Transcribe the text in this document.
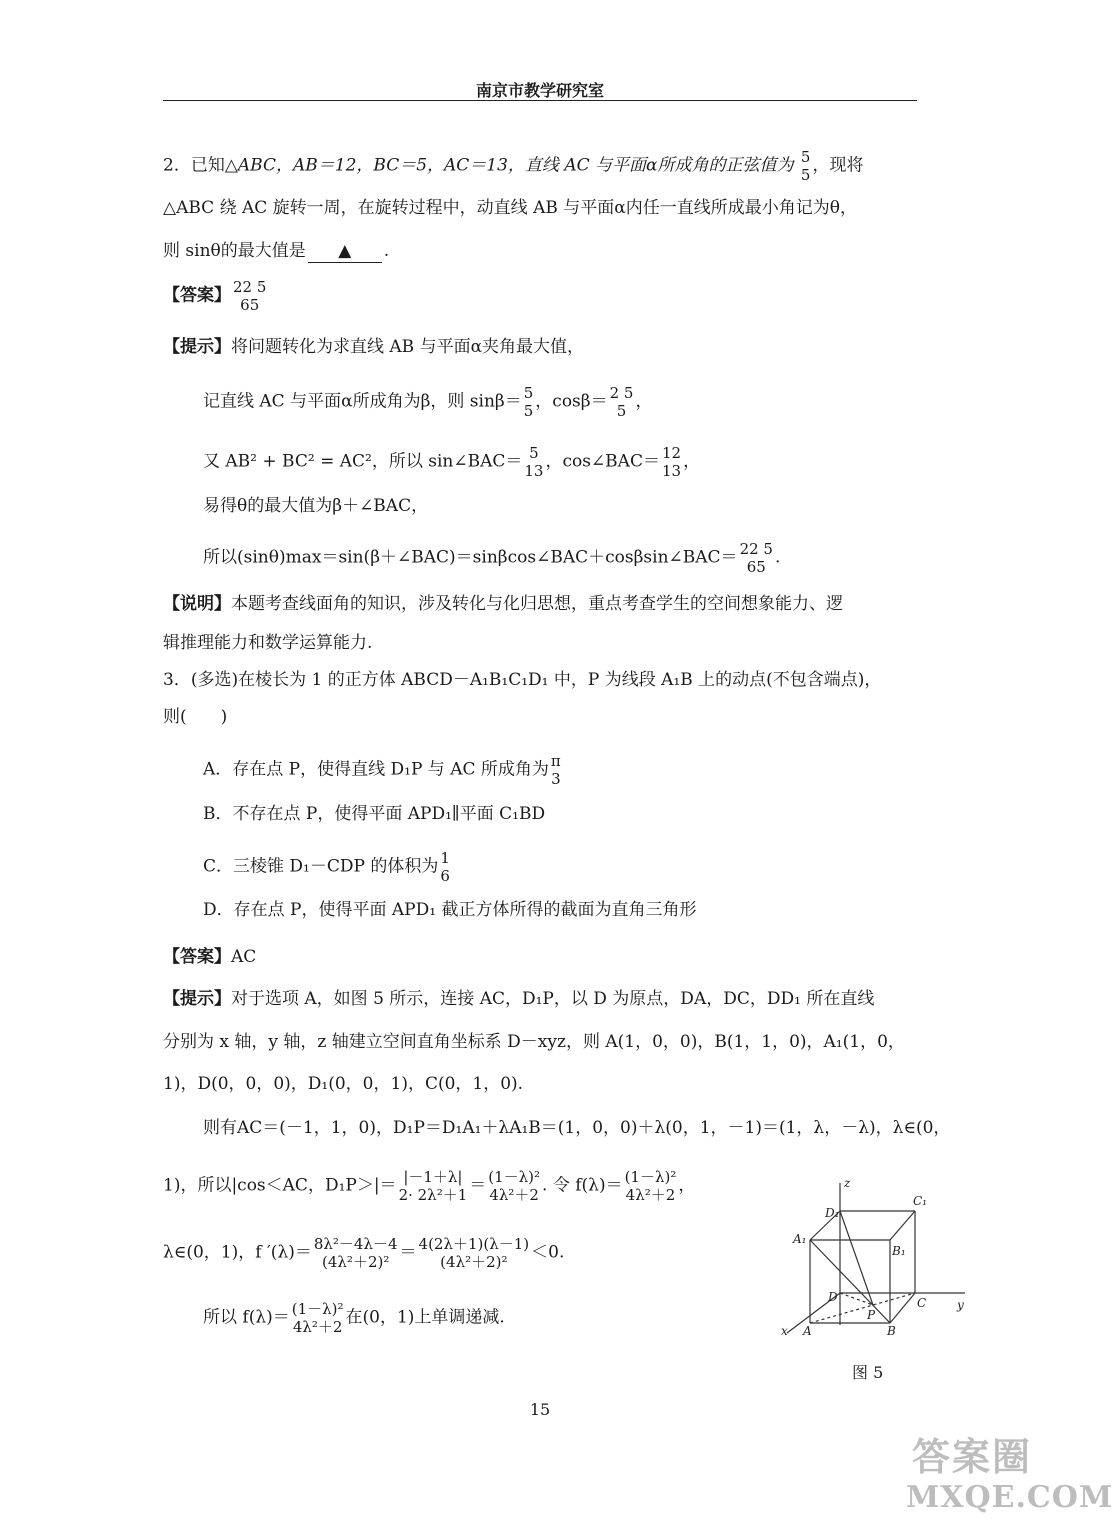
南京市教学研究室
2．已知△ABC，AB＝12，BC＝5，AC＝13，直线 AC 与平面α所成角的正弦值为 5
5 ，现将
△ABC 绕 AC 旋转一周，在旋转过程中，动直线 AB 与平面α内任一直线所成最小角记为θ，
则 sinθ的最大值是 ▲ .
【答案】 22 5
65
【提示】将问题转化为求直线 AB 与平面α夹角最大值，
记直线 AC 与平面α所成角为β，则 sinβ＝ 5
5 ，cosβ＝ 2 5
5 ，
又 AB² + BC² = AC²，所以 sin∠BAC＝ 5
13 ，cos∠BAC＝ 12
13 ，
易得θ的最大值为β＋∠BAC，
所以(sinθ)max＝sin(β＋∠BAC)＝sinβcos∠BAC＋cosβsin∠BAC＝ 22 5
65 .
【说明】本题考查线面角的知识，涉及转化与化归思想，重点考查学生的空间想象能力、逻
辑推理能力和数学运算能力.
3．(多选)在棱长为 1 的正方体 ABCD－A₁B₁C₁D₁ 中，P 为线段 A₁B 上的动点(不包含端点)，
则(　　)
A．存在点 P，使得直线 D₁P 与 AC 所成角为 π
3
B．不存在点 P，使得平面 APD₁∥平面 C₁BD
C．三棱锥 D₁－CDP 的体积为 1
6
D．存在点 P，使得平面 APD₁ 截正方体所得的截面为直角三角形
【答案】AC
【提示】对于选项 A，如图 5 所示，连接 AC，D₁P，以 D 为原点，DA，DC，DD₁ 所在直线
分别为 x 轴，y 轴，z 轴建立空间直角坐标系 D－xyz，则 A(1，0，0)，B(1，1，0)，A₁(1，0，
1)，D(0，0，0)，D₁(0，0，1)，C(0，1，0).
则有AC＝(－1，1，0)，D₁P＝D₁A₁＋λA₁B＝(1，0，0)＋λ(0，1，－1)＝(1，λ，－λ)，λ∈(0，
1)，所以|cos＜AC，D₁P＞|＝ |－1＋λ|
2· 2λ²＋1 ＝ (1－λ)²
4λ²＋2 . 令 f(λ)＝ (1－λ)²
4λ²＋2 ，
λ∈(0，1)，f ′(λ)＝ 8λ²－4λ－4
(4λ²＋2)² ＝ 4(2λ＋1)(λ－1)
(4λ²＋2)²	＜0.
所以 f(λ)＝ (1－λ)²
4λ²＋2 在(0，1)上单调递减.
z
y
x
D₁
C₁
A₁
B₁
D	C
A	B
P
图 5
15
答案圈
MXQE.COM
